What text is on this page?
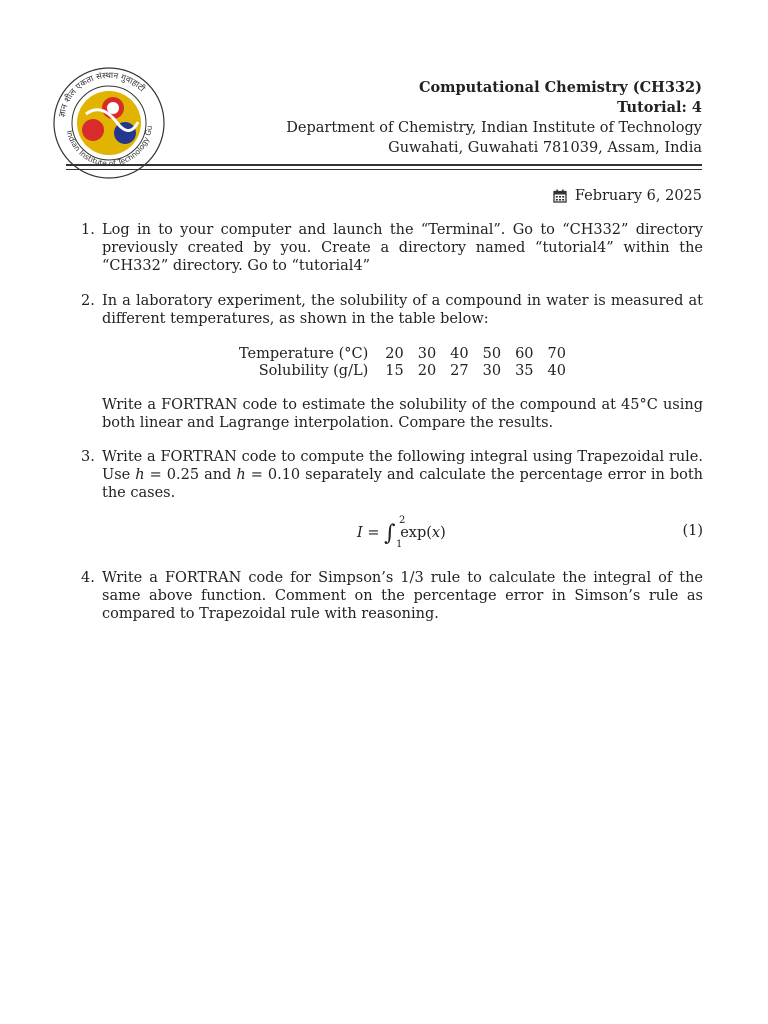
ज्ञान शील एकता संस्थान गुवाहाटी
Indian Institute of Technology Gu
Computational Chemistry (CH332)
Tutorial: 4
Department of Chemistry, Indian Institute of Technology
Guwahati, Guwahati 781039, Assam, India
February 6, 2025
1. Log in to your computer and launch the “Terminal”. Go to “CH332” directory previously created by you. Create a directory named “tutorial4” within the “CH332” directory. Go to “tutorial4”
2. In a laboratory experiment, the solubility of a compound in water is measured at different temperatures, as shown in the table below:
Temperature (°C)	20	30	40	50	60	70
Solubility (g/L)	15	20	27	30	35	40
Write a FORTRAN code to estimate the solubility of the compound at 45°C using both linear and Lagrange interpolation. Compare the results.
3. Write a FORTRAN code to compute the following integral using Trapezoidal rule. Use h = 0.25 and h = 0.10 separately and calculate the percentage error in both the cases.
I = ∫
2
1
exp(x)	(1)
4. Write a FORTRAN code for Simpson’s 1/3 rule to calculate the integral of the same above function. Comment on the percentage error in Simson’s rule as compared to Trapezoidal rule with reasoning.
